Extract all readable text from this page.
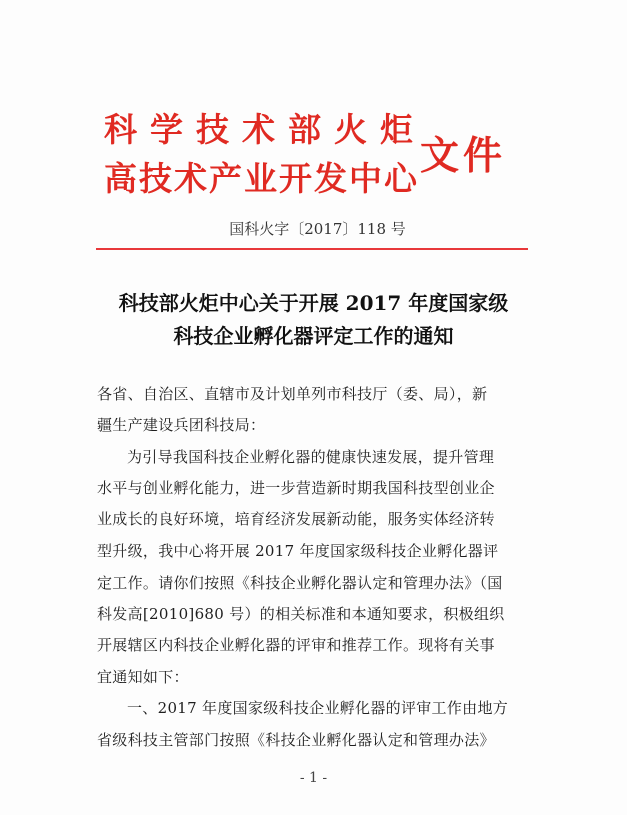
科学技术部火炬
高技术产业开发中心 文件
国科火字〔2017〕118 号
科技部火炬中心关于开展 2017 年度国家级
科技企业孵化器评定工作的通知
各省、自治区、直辖市及计划单列市科技厅（委、局），新
疆生产建设兵团科技局：
为引导我国科技企业孵化器的健康快速发展，提升管理
水平与创业孵化能力，进一步营造新时期我国科技型创业企
业成长的良好环境，培育经济发展新动能，服务实体经济转
型升级，我中心将开展 2017 年度国家级科技企业孵化器评
定工作。请你们按照《科技企业孵化器认定和管理办法》（国
科发高[2010]680 号）的相关标准和本通知要求，积极组织
开展辖区内科技企业孵化器的评审和推荐工作。现将有关事
宜通知如下：
一、2017 年度国家级科技企业孵化器的评审工作由地方
省级科技主管部门按照《科技企业孵化器认定和管理办法》
- 1 -
